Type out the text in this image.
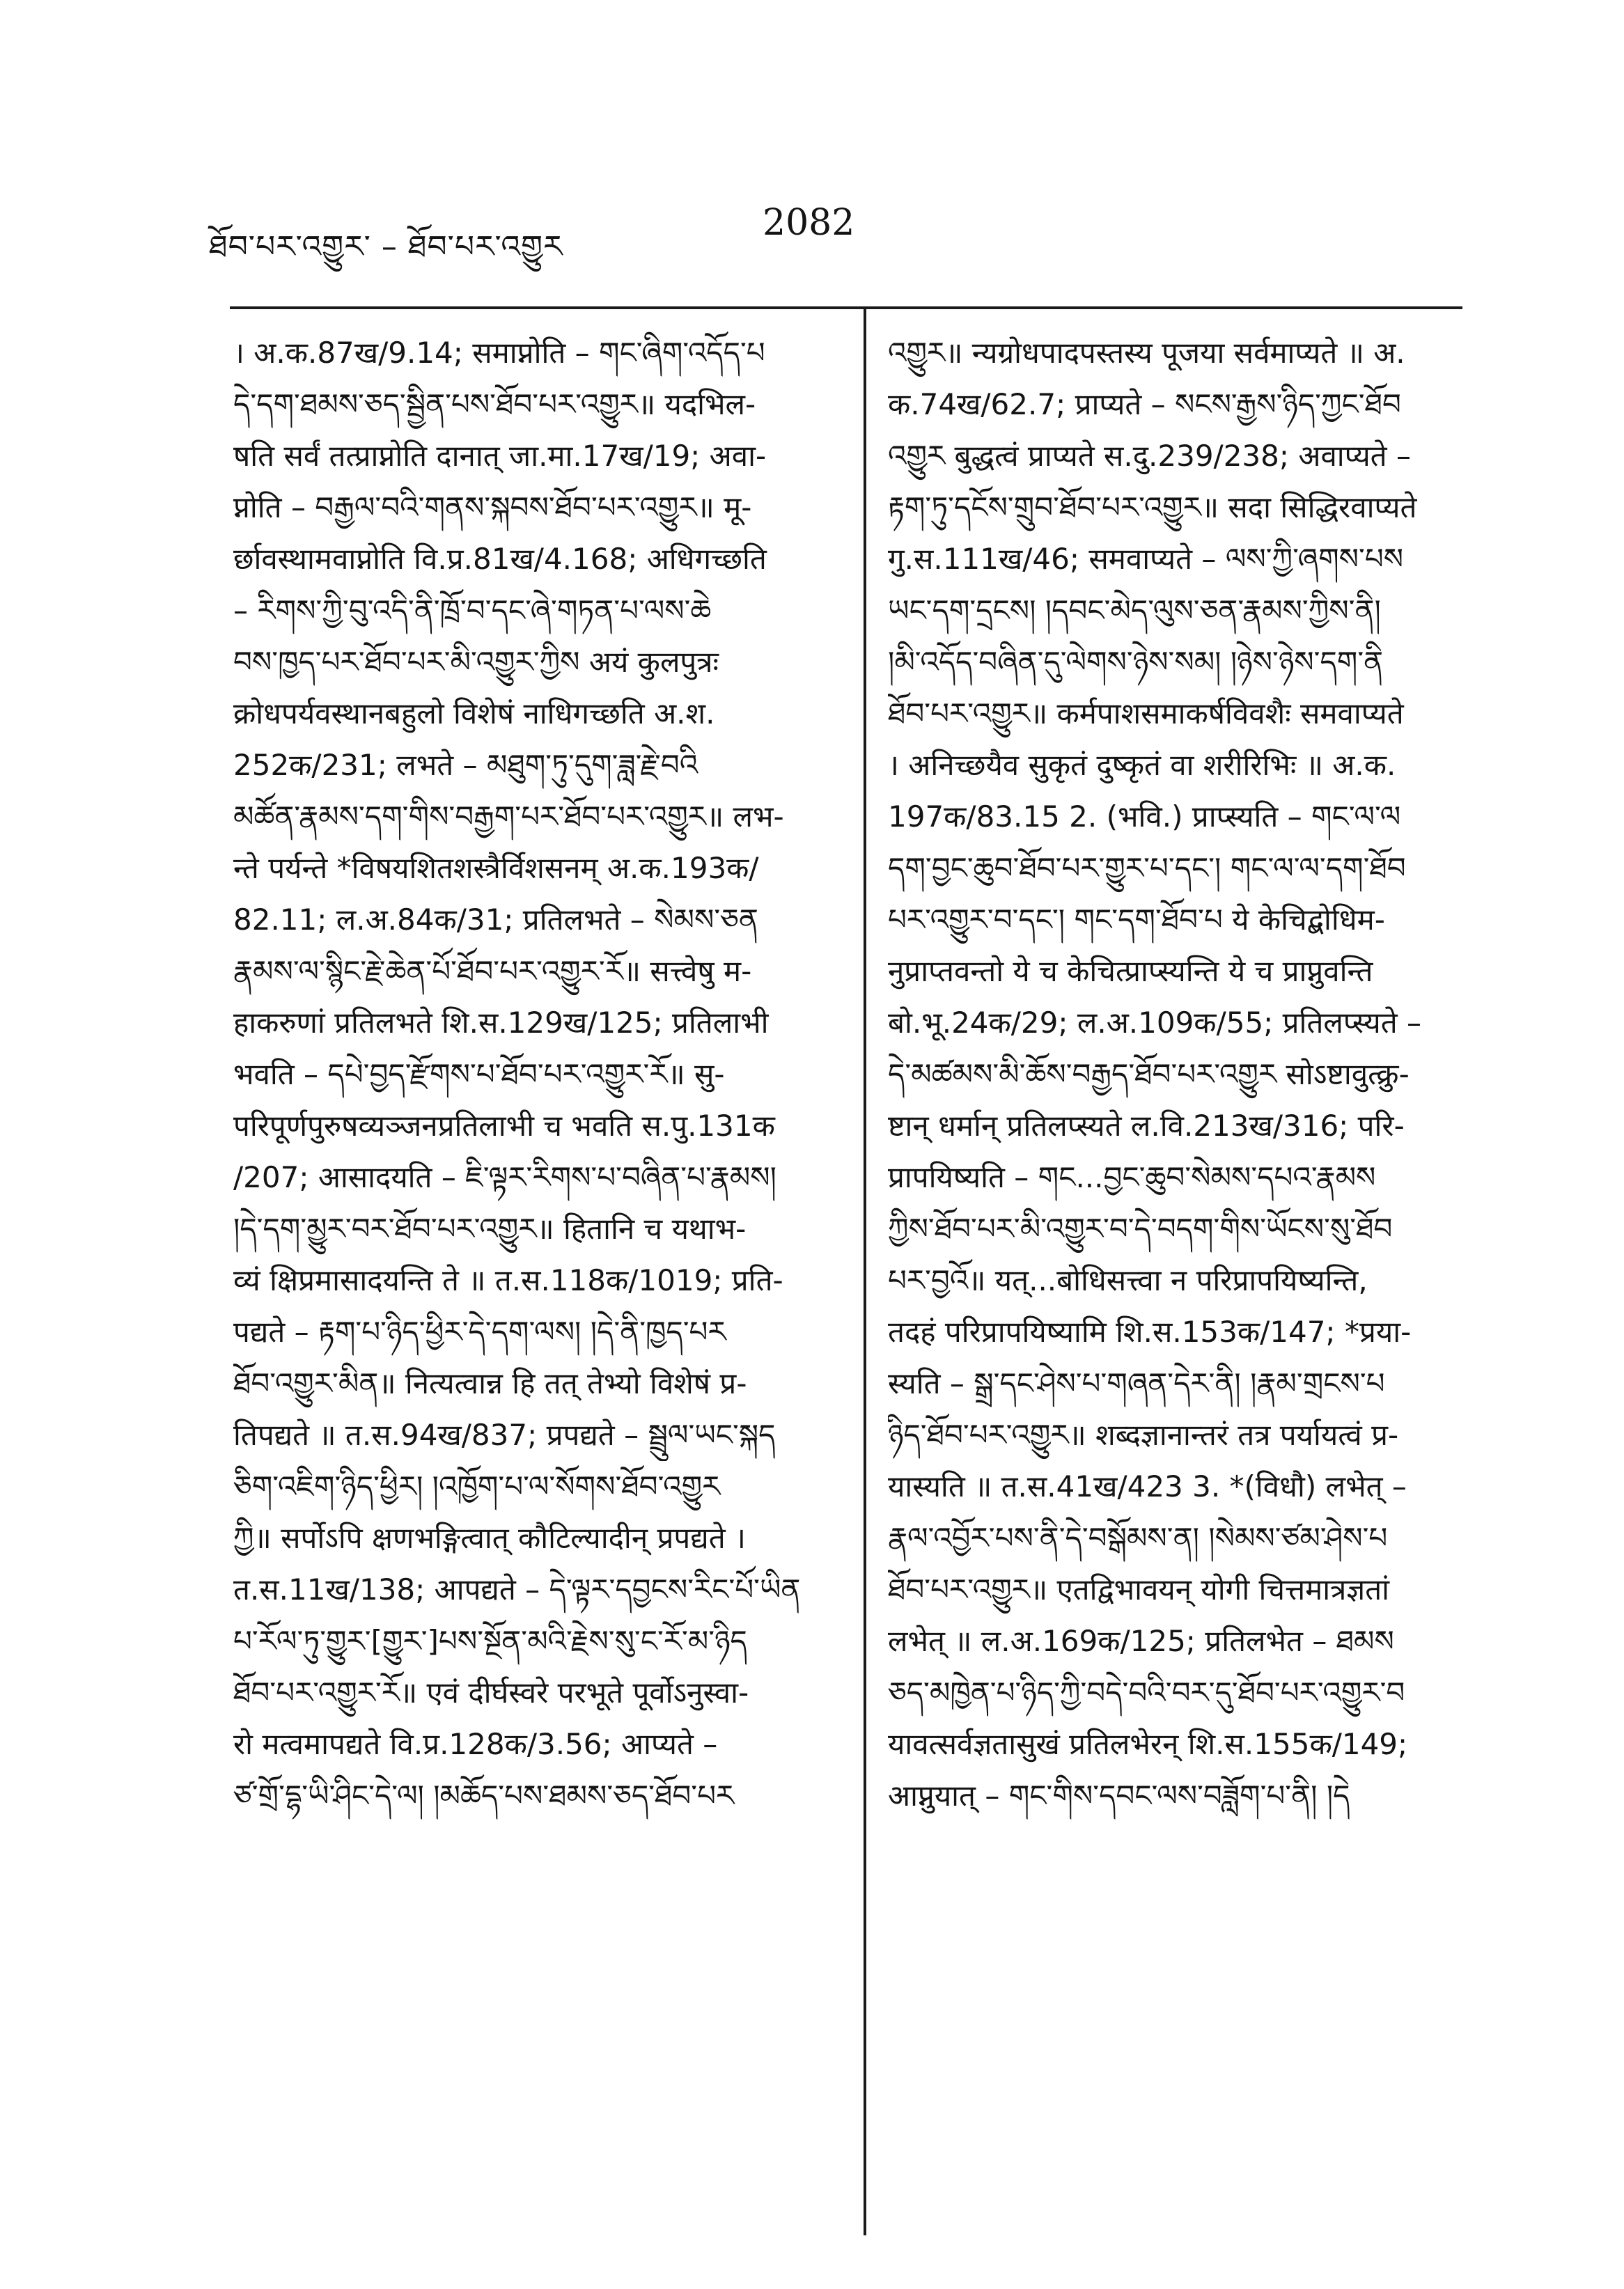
ཐོབ་པར་འགྱུར་ – ཐོབ་པར་འགྱུར
2082
। अ.क.87ख/9.14; समाप्नोति – གང་ཞིག་འདོད་པ
དེ་དག་ཐམས་ཅད་སྦྱིན་པས་ཐོབ་པར་འགྱུར॥ यदभिल-
षति सर्वं तत्प्राप्नोति दानात् जा.मा.17ख/19; अवा-
प्नोति – བརྒྱལ་བའི་གནས་སྐབས་ཐོབ་པར་འགྱུར॥ मू-
र्छावस्थामवाप्नोति वि.प्र.81ख/4.168; अधिगच्छति
– རིགས་ཀྱི་བུ་འདི་ནི་ཁྲོ་བ་དང་ཞེ་གཏན་པ་ལས་ཆེ
བས་ཁྱད་པར་ཐོབ་པར་མི་འགྱུར་ཀྱིས अयं कुलपुत्रः
क्रोधपर्यवस्थानबहुलो विशेषं नाधिगच्छति अ.श.
252क/231; लभते – མཐུག་ཏུ་དུག་ཟླ་རྗེ་བའི
མཚོན་རྣམས་དག་གིས་བརྒྱག་པར་ཐོབ་པར་འགྱུར॥ लभ-
न्ते पर्यन्ते *विषयशितशस्त्रैर्विशसनम् अ.क.193क/
82.11; ल.अ.84क/31; प्रतिलभते – སེམས་ཅན
རྣམས་ལ་སྙིང་རྗེ་ཆེན་པོ་ཐོབ་པར་འགྱུར་རོ॥ सत्त्वेषु म-
हाकरुणां प्रतिलभते शि.स.129ख/125; प्रतिलाभी
भवति – དཔེ་བྱད་རྫོགས་པ་ཐོབ་པར་འགྱུར་རོ॥ सु-
परिपूर्णपुरुषव्यञ्जनप्रतिलाभी च भवति स.पु.131क
/207; आसादयति – ཇི་ལྟར་རིགས་པ་བཞིན་པ་རྣམས།
།དེ་དག་མྱུར་བར་ཐོབ་པར་འགྱུར॥ हितानि च यथाभ-
व्यं क्षिप्रमासादयन्ति ते ॥ त.स.118क/1019; प्रति-
पद्यते – རྟག་པ་ཉིད་ཕྱིར་དེ་དག་ལས། །དེ་ནི་ཁྱད་པར
ཐོབ་འགྱུར་མིན॥ नित्यत्वान्न हि तत् तेभ्यो विशेषं प्र-
तिपद्यते ॥ त.स.94ख/837; प्रपद्यते – སྦྲུལ་ཡང་སྐད
ཅིག་འཇིག་ཉིད་ཕྱིར། །འཁྱོག་པ་ལ་སོགས་ཐོབ་འགྱུར
ཀྱི॥ सर्पोऽपि क्षणभङ्गित्वात् कौटिल्यादीन् प्रपद्यते ।
त.स.11ख/138; आपद्यते – དེ་ལྟར་དབྱངས་རིང་པོ་ཡིན
པ་རོལ་ཏུ་གྱུར་[གྱུར་]པས་སྔོན་མའི་རྗེས་སུ་ང་རོ་མ་ཉིད
ཐོབ་པར་འགྱུར་རོ॥ एवं दीर्घस्वरे परभूते पूर्वोऽनुस्वा-
रो मत्वमापद्यते वि.प्र.128क/3.56; आप्यते –
ཙ་གྲོ་དྷ་ཡི་ཤིང་དེ་ལ། །མཆོད་པས་ཐམས་ཅད་ཐོབ་པར
འགྱུར॥ न्यग्रोधपादपस्तस्य पूजया सर्वमाप्यते ॥ अ.
क.74ख/62.7; प्राप्यते – སངས་རྒྱས་ཉིད་ཀྱང་ཐོབ
འགྱུར बुद्धत्वं प्राप्यते स.दु.239/238; अवाप्यते –
རྟག་ཏུ་དངོས་གྲུབ་ཐོབ་པར་འགྱུར॥ सदा सिद्धिरवाप्यते
गु.स.111ख/46; समवाप्यते – ལས་ཀྱི་ཞགས་པས
ཡང་དག་དྲངས། །དབང་མེད་ལུས་ཅན་རྣམས་ཀྱིས་ནི།
།མི་འདོད་བཞིན་དུ་ལེགས་ཉེས་སམ། །ཉེས་ཉེས་དག་ནི
ཐོབ་པར་འགྱུར॥ कर्मपाशसमाकर्षविवशैः समवाप्यते
। अनिच्छयैव सुकृतं दुष्कृतं वा शरीरिभिः ॥ अ.क.
197क/83.15 2. (भवि.) प्राप्स्यति – གང་ལ་ལ
དག་བྱང་ཆུབ་ཐོབ་པར་གྱུར་པ་དང་། གང་ལ་ལ་དག་ཐོབ
པར་འགྱུར་བ་དང་། གང་དག་ཐོབ་པ ये केचिद्बोधिम-
नुप्राप्तवन्तो ये च केचित्प्राप्स्यन्ति ये च प्राप्नुवन्ति
बो.भू.24क/29; ल.अ.109क/55; प्रतिलप्स्यते –
དེ་མཚམས་མི་ཆོས་བརྒྱད་ཐོབ་པར་འགྱུར सोऽष्टावुत्क्रु-
ष्टान् धर्मान् प्रतिलप्स्यते ल.वि.213ख/316; परि-
प्रापयिष्यति – གང...བྱང་ཆུབ་སེམས་དཔའ་རྣམས
ཀྱིས་ཐོབ་པར་མི་འགྱུར་བ་དེ་བདག་གིས་ཡོངས་སུ་ཐོབ
པར་བྱའོ॥ यत्...बोधिसत्त्वा न परिप्रापयिष्यन्ति,
तदहं परिप्रापयिष्यामि शि.स.153क/147; *प्रया-
स्यति – སྒྲ་དང་ཤེས་པ་གཞན་དེར་ནི། །རྣམ་གྲངས་པ
ཉིད་ཐོབ་པར་འགྱུར॥ शब्दज्ञानान्तरं तत्र पर्यायत्वं प्र-
यास्यति ॥ त.स.41ख/423 3. *(विधौ) लभेत् –
རྣལ་འབྱོར་པས་ནི་དེ་བསྒོམས་ན། །སེམས་ཙམ་ཤེས་པ
ཐོབ་པར་འགྱུར॥ एतद्विभावयन् योगी चित्तमात्रज्ञतां
लभेत् ॥ ल.अ.169क/125; प्रतिलभेत – ཐམས
ཅད་མཁྱེན་པ་ཉིད་ཀྱི་བདེ་བའི་བར་དུ་ཐོབ་པར་འགྱུར་བ
यावत्सर्वज्ञतासुखं प्रतिलभेरन् शि.स.155क/149;
आप्नुयात् – གང་གིས་དབང་ལས་བཟློག་པ་ནི། །དེ
